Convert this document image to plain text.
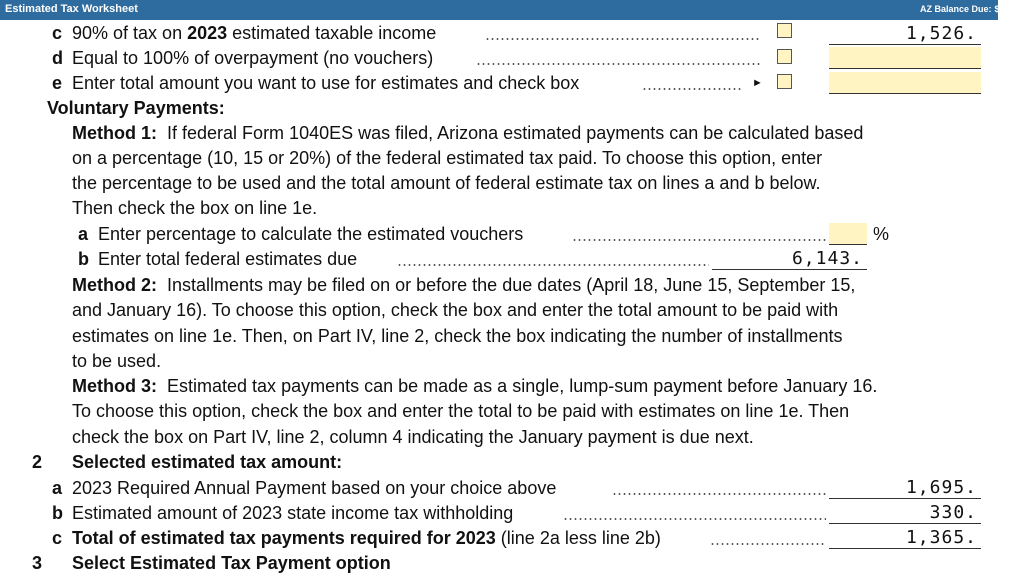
Estimated Tax Worksheet	AZ Balance Due: $1,3
c 90% of tax on 2023 estimated taxable income	1,526.
d Equal to 100% of overpayment (no vouchers)
e Enter total amount you want to use for estimates and check box	►
Voluntary Payments:
Method 1: If federal Form 1040ES was filed, Arizona estimated payments can be calculated based
on a percentage (10, 15 or 20%) of the federal estimated tax paid. To choose this option, enter
the percentage to be used and the total amount of federal estimate tax on lines a and b below.
Then check the box on line 1e.
a Enter percentage to calculate the estimated vouchers	%
b Enter total federal estimates due	6,143.
Method 2: Installments may be filed on or before the due dates (April 18, June 15, September 15,
and January 16). To choose this option, check the box and enter the total amount to be paid with
estimates on line 1e. Then, on Part IV, line 2, check the box indicating the number of installments
to be used.
Method 3: Estimated tax payments can be made as a single, lump-sum payment before January 16.
To choose this option, check the box and enter the total to be paid with estimates on line 1e. Then
check the box on Part IV, line 2, column 4 indicating the January payment is due next.
2 Selected estimated tax amount:
a 2023 Required Annual Payment based on your choice above	1,695.
b Estimated amount of 2023 state income tax withholding	330.
c Total of estimated tax payments required for 2023 (line 2a less line 2b)	1,365.
3 Select Estimated Tax Payment option
